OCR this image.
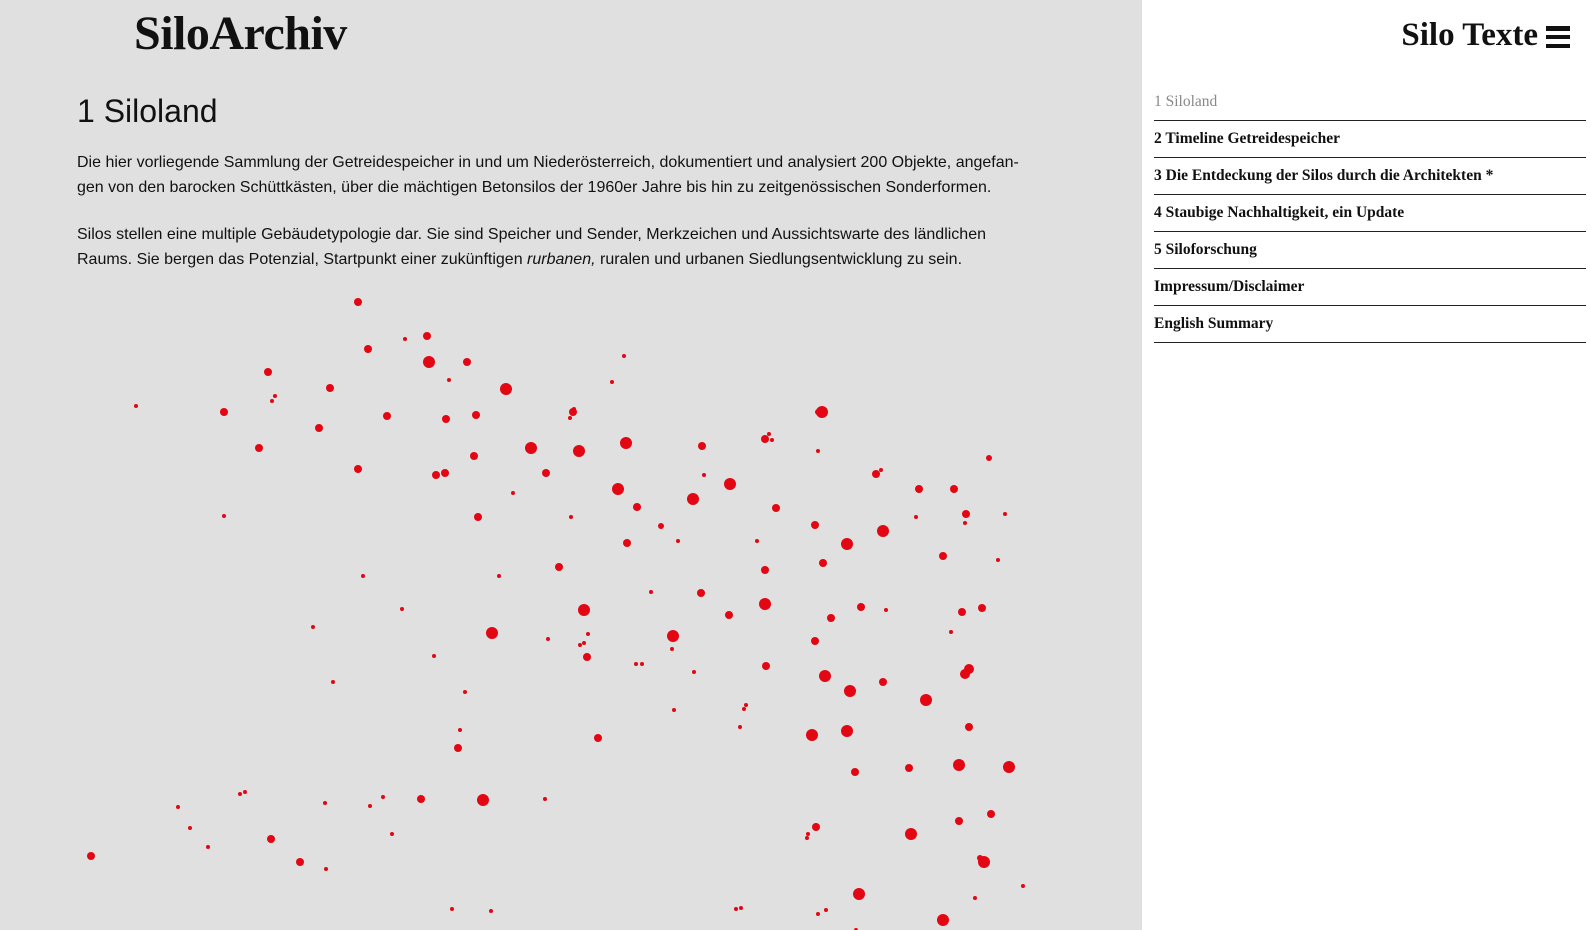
SiloArchiv
1 Siloland

Die hier vorliegende Sammlung der Getreidespeicher in und um Niederösterreich, dokumentiert und analysiert 200 Objekte, angefan-gen von den barocken Schüttkästen, über die mächtigen Betonsilos der 1960er Jahre bis hin zu zeitgenössischen Sonderformen.

Silos stellen eine multiple Gebäudetypologie dar. Sie sind Speicher und Sender, Merkzeichen und Aussichtswarte des ländlichen Raums. Sie bergen das Potenzial, Startpunkt einer zukünftigen rurbanen, ruralen und urbanen Siedlungsentwicklung zu sein.

Silo Texte
1 Siloland
2 Timeline Getreidespeicher
3 Die Entdeckung der Silos durch die Architekten *
4 Staubige Nachhaltigkeit, ein Update
5 Siloforschung
Impressum/Disclaimer
English Summary
